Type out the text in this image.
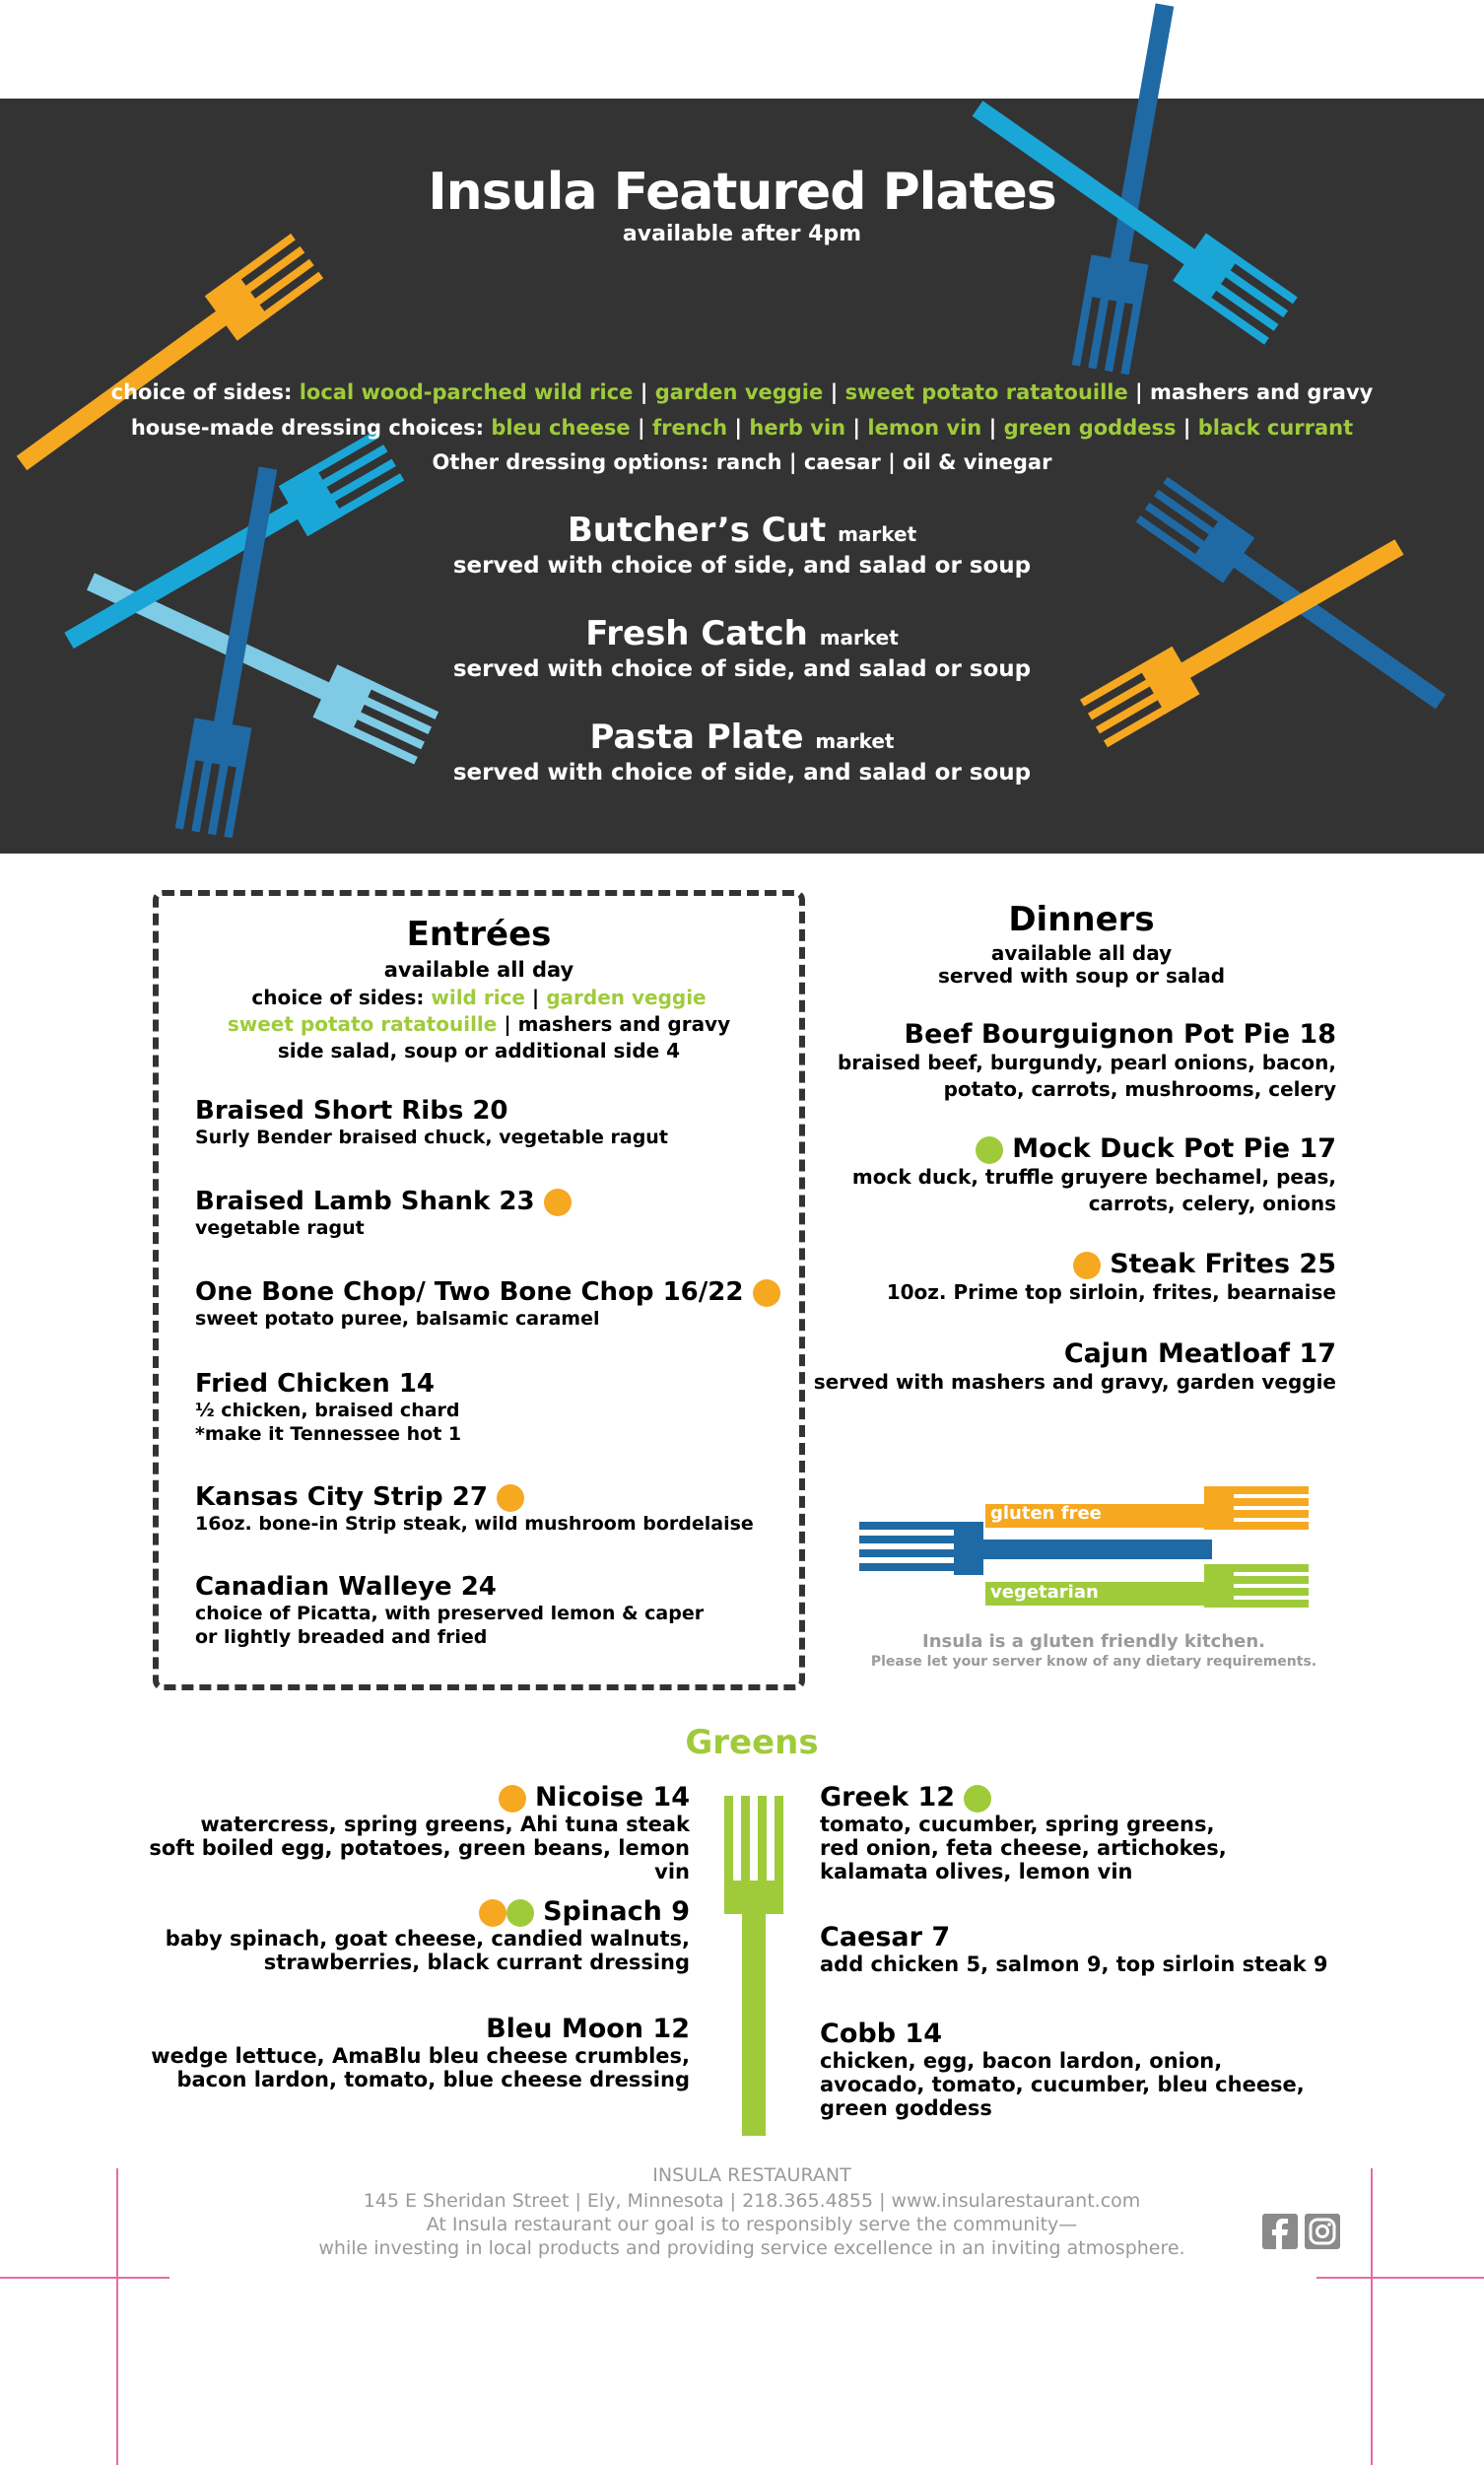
Insula Featured Plates
available after 4pm
choice of sides: local wood-parched wild rice | garden veggie | sweet potato ratatouille | mashers and gravy
house-made dressing choices: bleu cheese | french | herb vin | lemon vin | green goddess | black currant
Other dressing options: ranch | caesar | oil & vinegar
Butcher’s Cut market
served with choice of side, and salad or soup
Fresh Catch market
served with choice of side, and salad or soup
Pasta Plate market
served with choice of side, and salad or soup
Entrées
available all day
choice of sides: wild rice | garden veggie
sweet potato ratatouille | mashers and gravy
side salad, soup or additional side 4
Braised Short Ribs 20
Surly Bender braised chuck, vegetable ragut
Braised Lamb Shank 23
vegetable ragut
One Bone Chop/ Two Bone Chop 16/22
sweet potato puree, balsamic caramel
Fried Chicken 14
½ chicken, braised chard
*make it Tennessee hot 1
Kansas City Strip 27
16oz. bone-in Strip steak, wild mushroom bordelaise
Canadian Walleye 24
choice of Picatta, with preserved lemon & caper
or lightly breaded and fried
Dinners
available all day
served with soup or salad
Beef Bourguignon Pot Pie 18
braised beef, burgundy, pearl onions, bacon,
potato, carrots, mushrooms, celery
Mock Duck Pot Pie 17
mock duck, truffle gruyere bechamel, peas,
carrots, celery, onions
Steak Frites 25
10oz. Prime top sirloin, frites, bearnaise
Cajun Meatloaf 17
served with mashers and gravy, garden veggie
gluten free
vegetarian
Insula is a gluten friendly kitchen.
Please let your server know of any dietary requirements.
Greens
Nicoise 14
watercress, spring greens, Ahi tuna steak
soft boiled egg, potatoes, green beans, lemon vin
Spinach 9
baby spinach, goat cheese, candied walnuts,
strawberries, black currant dressing
Bleu Moon 12
wedge lettuce, AmaBlu bleu cheese crumbles,
bacon lardon, tomato, blue cheese dressing
Greek 12
tomato, cucumber, spring greens,
red onion, feta cheese, artichokes,
kalamata olives, lemon vin
Caesar 7
add chicken 5, salmon 9, top sirloin steak 9
Cobb 14
chicken, egg, bacon lardon, onion,
avocado, tomato, cucumber, bleu cheese,
green goddess
INSULA RESTAURANT
145 E Sheridan Street | Ely, Minnesota | 218.365.4855 | www.insularestaurant.com
At Insula restaurant our goal is to responsibly serve the community—
while investing in local products and providing service excellence in an inviting atmosphere.
